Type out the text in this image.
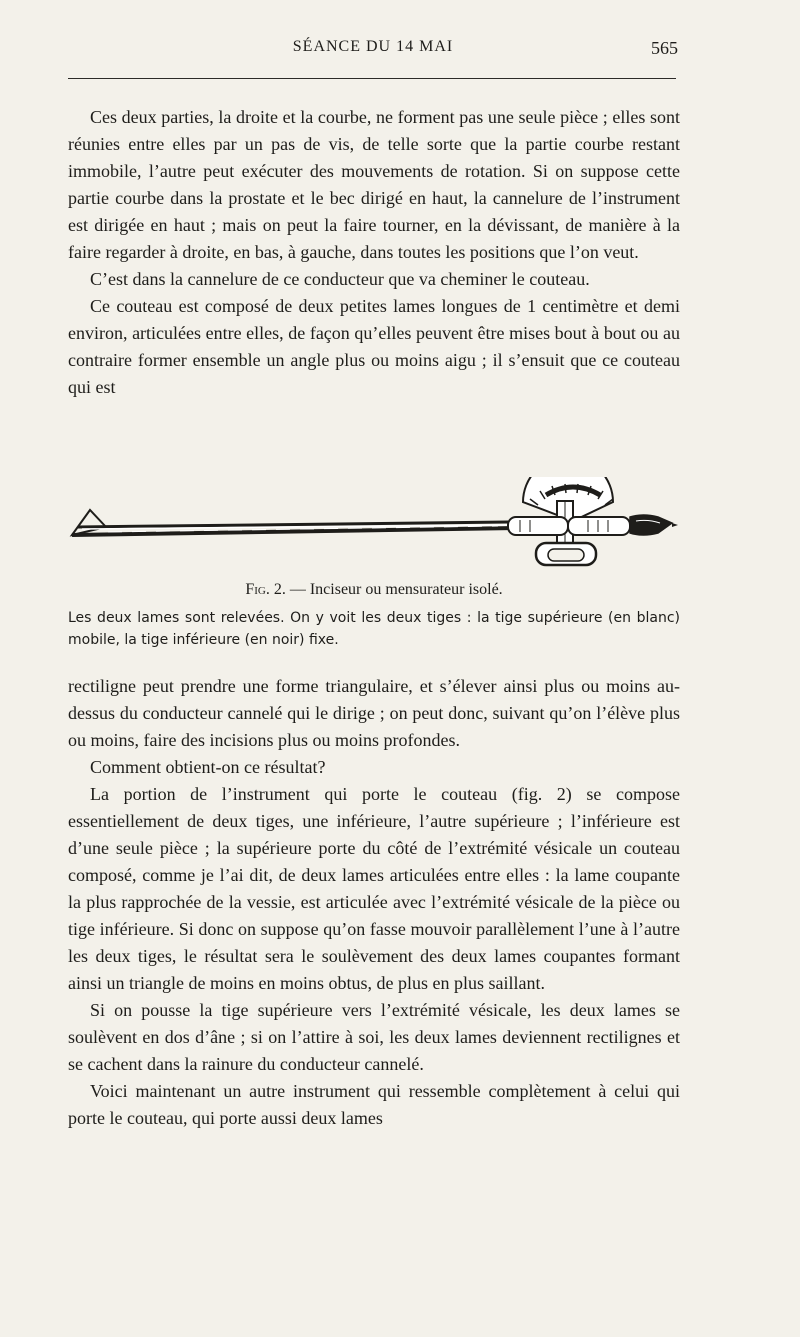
SÉANCE DU 14 MAI	565

Ces deux parties, la droite et la courbe, ne forment pas une seule pièce ; elles sont réunies entre elles par un pas de vis, de telle sorte que la partie courbe restant immobile, l’autre peut exécuter des mouvements de rotation. Si on suppose cette partie courbe dans la prostate et le bec dirigé en haut, la cannelure de l’instrument est dirigée en haut ; mais on peut la faire tourner, en la dévissant, de manière à la faire regarder à droite, en bas, à gauche, dans toutes les positions que l’on veut.

C’est dans la cannelure de ce conducteur que va cheminer le couteau.

Ce couteau est composé de deux petites lames longues de 1 centimètre et demi environ, articulées entre elles, de façon qu’elles peuvent être mises bout à bout ou au contraire former ensemble un angle plus ou moins aigu ; il s’ensuit que ce couteau qui est

Fig. 2. — Inciseur ou mensurateur isolé.
Les deux lames sont relevées. On y voit les deux tiges : la tige supérieure (en blanc) mobile, la tige inférieure (en noir) fixe.

rectiligne peut prendre une forme triangulaire, et s’élever ainsi plus ou moins au-dessus du conducteur cannelé qui le dirige ; on peut donc, suivant qu’on l’élève plus ou moins, faire des incisions plus ou moins profondes.

Comment obtient-on ce résultat?

La portion de l’instrument qui porte le couteau (fig. 2) se compose essentiellement de deux tiges, une inférieure, l’autre supérieure ; l’inférieure est d’une seule pièce ; la supérieure porte du côté de l’extrémité vésicale un couteau composé, comme je l’ai dit, de deux lames articulées entre elles : la lame coupante la plus rapprochée de la vessie, est articulée avec l’extrémité vésicale de la pièce ou tige inférieure. Si donc on suppose qu’on fasse mouvoir parallèlement l’une à l’autre les deux tiges, le résultat sera le soulèvement des deux lames coupantes formant ainsi un triangle de moins en moins obtus, de plus en plus saillant.

Si on pousse la tige supérieure vers l’extrémité vésicale, les deux lames se soulèvent en dos d’âne ; si on l’attire à soi, les deux lames deviennent rectilignes et se cachent dans la rainure du conducteur cannelé.

Voici maintenant un autre instrument qui ressemble complètement à celui qui porte le couteau, qui porte aussi deux lames
